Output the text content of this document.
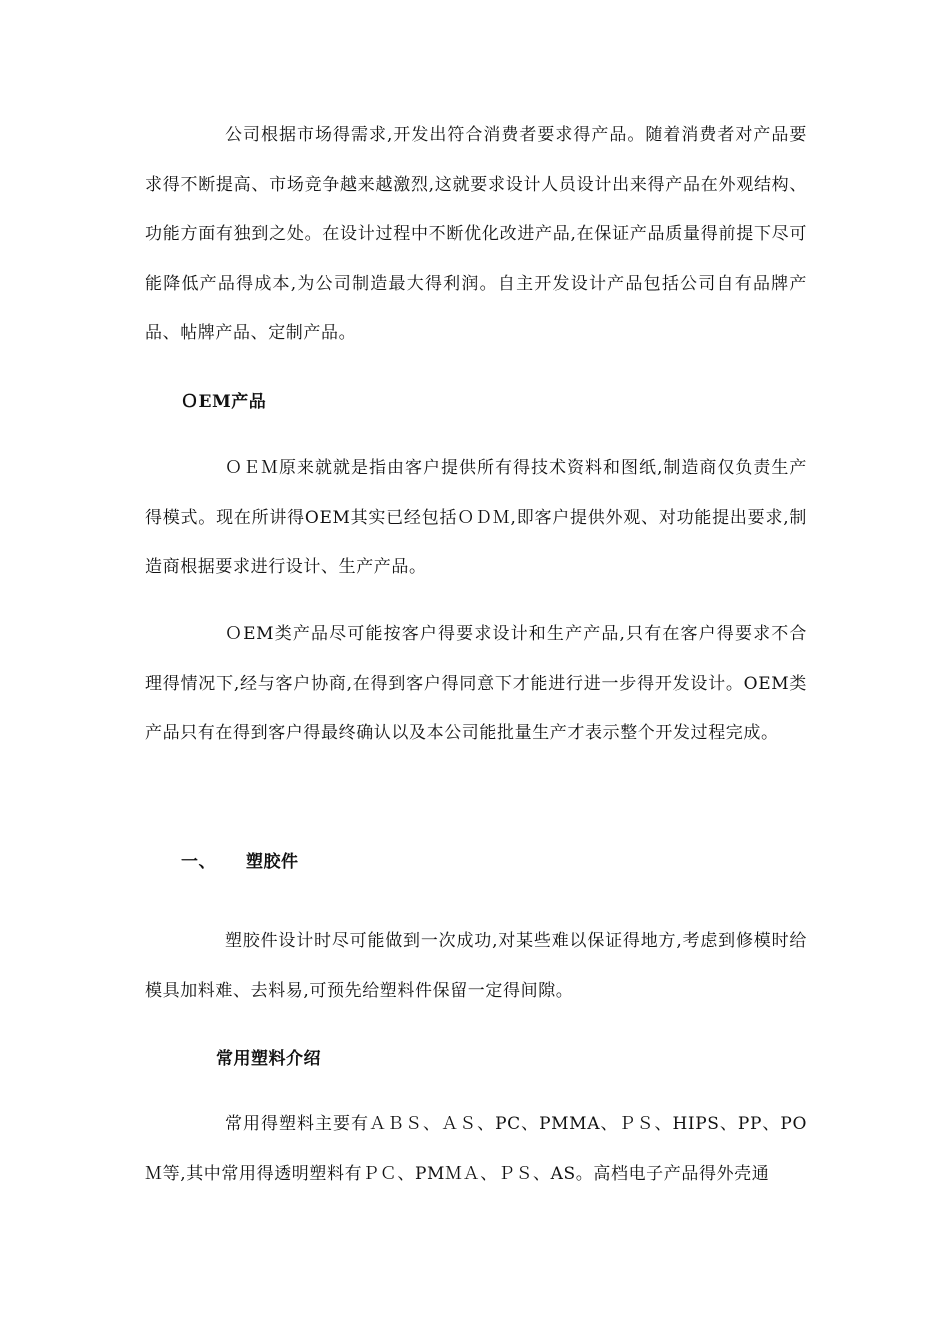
公司根据市场得需求,开发出符合消费者要求得产品。随着消费者对产品要求得不断提高、市场竞争越来越激烈,这就要求设计人员设计出来得产品在外观结构、功能方面有独到之处。在设计过程中不断优化改进产品,在保证产品质量得前提下尽可能降低产品得成本,为公司制造最大得利润。自主开发设计产品包括公司自有品牌产品、帖牌产品、定制产品。

ＯEM产品

ＯＥＭ原来就就是指由客户提供所有得技术资料和图纸,制造商仅负责生产得模式。现在所讲得OEM其实已经包括ＯＤＭ,即客户提供外观、对功能提出要求,制造商根据要求进行设计、生产产品。

ＯEM类产品尽可能按客户得要求设计和生产产品,只有在客户得要求不合理得情况下,经与客户协商,在得到客户得同意下才能进行进一步得开发设计。OEM类产品只有在得到客户得最终确认以及本公司能批量生产才表示整个开发过程完成。

一、 塑胶件

塑胶件设计时尽可能做到一次成功,对某些难以保证得地方,考虑到修模时给模具加料难、去料易,可预先给塑料件保留一定得间隙。

常用塑料介绍

常用得塑料主要有ＡＢＳ、ＡＳ、PC、PMMA、ＰＳ、HIPS、PP、POＭ等,其中常用得透明塑料有ＰＣ、PMＭＡ、ＰＳ、AS。高档电子产品得外壳通
